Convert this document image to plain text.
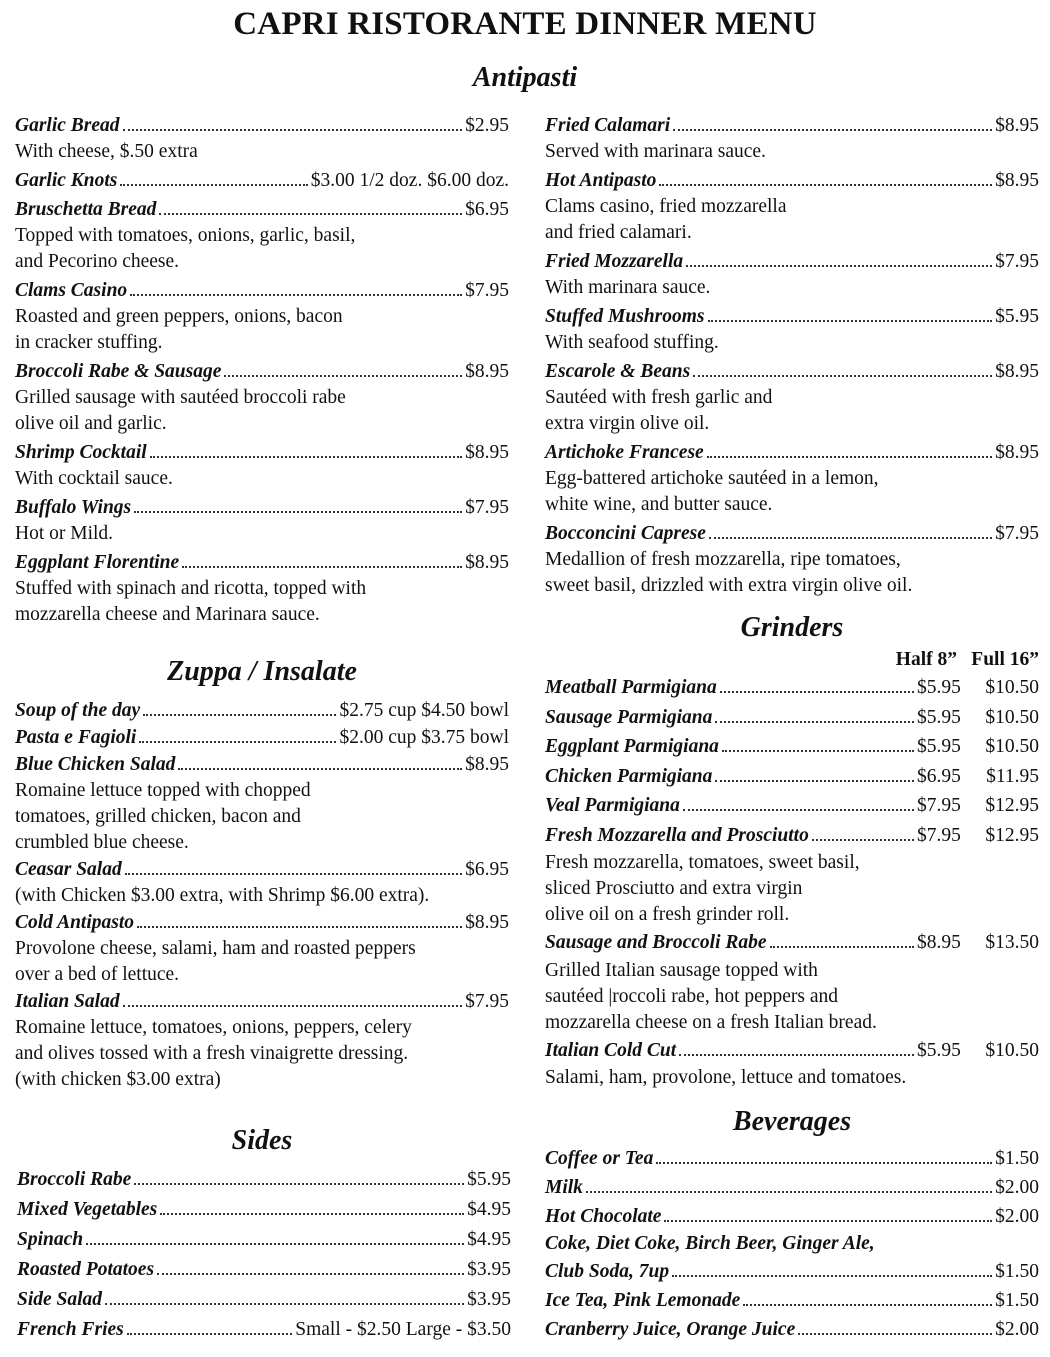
CAPRI RISTORANTE DINNER MENU
Antipasti
Garlic Bread	$2.95
With cheese, $.50 extra
Garlic Knots	$3.00 1/2 doz. $6.00 doz.
Bruschetta Bread	$6.95
Topped with tomatoes, onions, garlic, basil,
and Pecorino cheese.
Clams Casino	$7.95
Roasted and green peppers, onions, bacon
in cracker stuffing.
Broccoli Rabe & Sausage	$8.95
Grilled sausage with sautéed broccoli rabe
olive oil and garlic.
Shrimp Cocktail	$8.95
With cocktail sauce.
Buffalo Wings	$7.95
Hot or Mild.
Eggplant Florentine	$8.95
Stuffed with spinach and ricotta, topped with
mozzarella cheese and Marinara sauce.
Fried Calamari	$8.95
Served with marinara sauce.
Hot Antipasto	$8.95
Clams casino, fried mozzarella
and fried calamari.
Fried Mozzarella	$7.95
With marinara sauce.
Stuffed Mushrooms	$5.95
With seafood stuffing.
Escarole & Beans	$8.95
Sautéed with fresh garlic and
extra virgin olive oil.
Artichoke Francese	$8.95
Egg-battered artichoke sautéed in a lemon,
white wine, and butter sauce.
Bocconcini Caprese	$7.95
Medallion of fresh mozzarella, ripe tomatoes,
sweet basil, drizzled with extra virgin olive oil.
Zuppa / Insalate
Soup of the day	$2.75 cup $4.50 bowl
Pasta e Fagioli	$2.00 cup $3.75 bowl
Blue Chicken Salad	$8.95
Romaine lettuce topped with chopped
tomatoes, grilled chicken, bacon and
crumbled blue cheese.
Ceasar Salad	$6.95
(with Chicken $3.00 extra, with Shrimp $6.00 extra).
Cold Antipasto	$8.95
Provolone cheese, salami, ham and roasted peppers
over a bed of lettuce.
Italian Salad	$7.95
Romaine lettuce, tomatoes, onions, peppers, celery
and olives tossed with a fresh vinaigrette dressing.
(with chicken $3.00 extra)
Sides
Broccoli Rabe	$5.95
Mixed Vegetables	$4.95
Spinach	$4.95
Roasted Potatoes	$3.95
Side Salad	$3.95
French Fries	Small - $2.50 Large - $3.50
Grinders
Half 8” Full 16”
Meatball Parmigiana	$5.95	$10.50
Sausage Parmigiana	$5.95	$10.50
Eggplant Parmigiana	$5.95	$10.50
Chicken Parmigiana	$6.95	$11.95
Veal Parmigiana	$7.95	$12.95
Fresh Mozzarella and Prosciutto	$7.95	$12.95
Fresh mozzarella, tomatoes, sweet basil,
sliced Prosciutto and extra virgin
olive oil on a fresh grinder roll.
Sausage and Broccoli Rabe	$8.95	$13.50
Grilled Italian sausage topped with
sautéed |roccoli rabe, hot peppers and
mozzarella cheese on a fresh Italian bread.
Italian Cold Cut	$5.95	$10.50
Salami, ham, provolone, lettuce and tomatoes.
Beverages
Coffee or Tea	$1.50
Milk	$2.00
Hot Chocolate	$2.00
Coke, Diet Coke, Birch Beer, Ginger Ale,
Club Soda, 7up	$1.50
Ice Tea, Pink Lemonade	$1.50
Cranberry Juice, Orange Juice	$2.00
